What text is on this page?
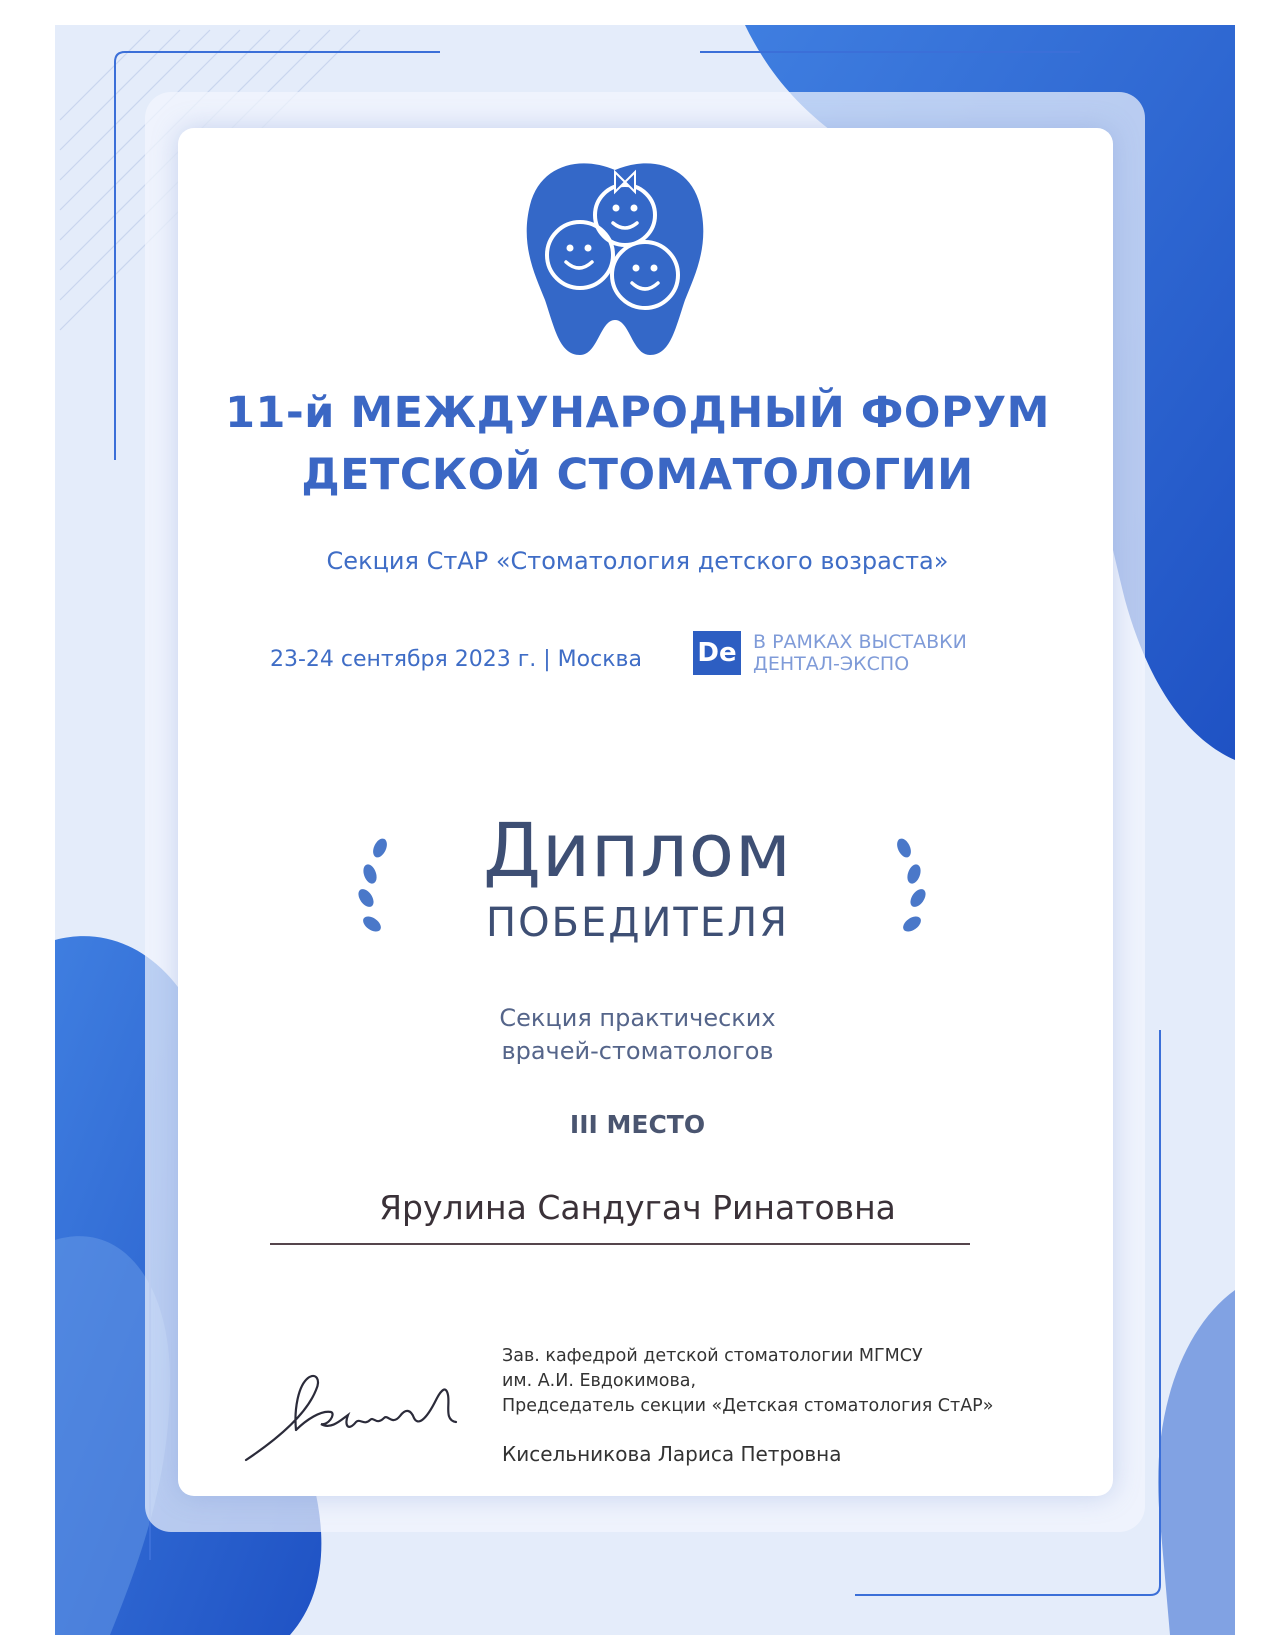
11-й МЕЖДУНАРОДНЫЙ ФОРУМ
ДЕТСКОЙ СТОМАТОЛОГИИ

Секция СтАР «Стоматология детского возраста»

23-24 сентября 2023 г. | Москва De В РАМКАХ ВЫСТАВКИ
ДЕНТАЛ-ЭКСПО

Диплом

ПОБЕДИТЕЛЯ

Секция практических
врачей-стоматологов

III МЕСТО

Ярулина Сандугач Ринатовна

Зав. кафедрой детской стоматологии МГМСУ
им. А.И. Евдокимова,
Председатель секции «Детская стоматология СтАР»
Кисельникова Лариса Петровна
